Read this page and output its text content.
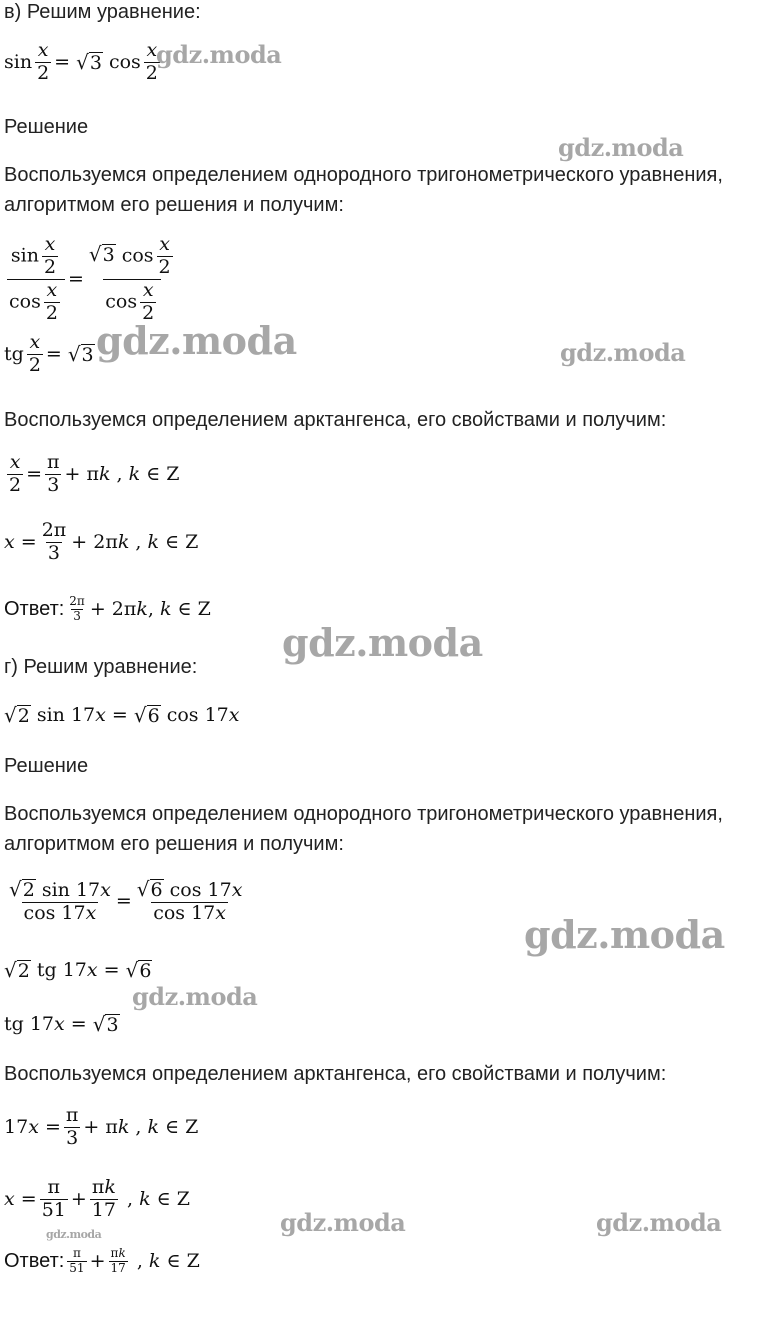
в) Решим уравнение:

$\sin \frac{x}{2}$ = √ 3 $\cos \frac{x}{2}$
gdz.moda

Решение

gdz.moda

Воспользуемся определением однородного тригонометрического уравнения,

алгоритмом его решения и получим:

$\frac{\sin \frac{x}{2}}{\cos \frac{x}{2}} = \frac{√ 3 \cos \frac{x}{2}}{\cos \frac{x}{2}}$
tg $\frac{x}{2}$ = √ 3 gdz.moda	gdz.moda

Воспользуемся определением арктангенса, его свойствами и получим:

$\frac{x}{2} = \frac{\pi}{3} + \pi k$ , k ∈ Z
$x = \frac{2\pi}{3} + 2\pi k$ , k ∈ Z
Ответ: $\frac{2\pi}{3} + 2\pi k$, k ∈ Z
gdz.moda

г) Решим уравнение:

√ 2 sin 17x = √ 6 cos 17x

Решение

Воспользуемся определением однородного тригонометрического уравнения,

алгоритмом его решения и получим:

$\frac{√ 2 \sin 17x}{\cos 17x} = \frac{√ 6 \cos 17x}{\cos 17x}$
gdz.moda
√ 2 tg 17x = √ 6
gdz.moda
tg 17x = √ 3

Воспользуемся определением арктангенса, его свойствами и получим:

$17x = \frac{\pi}{3} + \pi k$ , k ∈ Z
$x = \frac{\pi}{51} + \frac{\pi k}{17}$ , k ∈ Z
gdz.moda	gdz.moda	gdz.moda
Ответ: $\frac{\pi}{51} + \frac{\pi k}{17}$ , k ∈ Z
